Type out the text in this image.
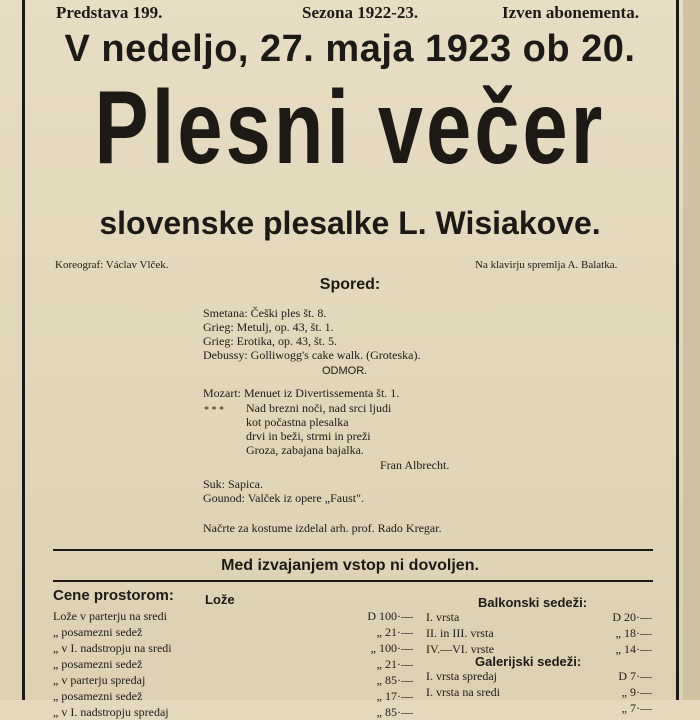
Predstava 199.	Sezona 1922-23.	Izven abonementa.
V nedeljo, 27. maja 1923 ob 20.
Plesni večer
slovenske plesalke L. Wisiakove.
Koreograf: Václav Vlček.	Na klavirju spremlja A. Balatka.
Spored:
Smetana: Češki ples št. 8.
Grieg: Metulj, op. 43, št. 1.
Grieg: Erotika, op. 43, št. 5.
Debussy: Golliwogg's cake walk. (Groteska).
ODMOR.
Mozart: Menuet iz Divertissementa št. 1.
* * * Nad brezni noči, nad srci ljudi
kot počastna plesalka
drvi in beži, strmi in preži
Groza, zabajana bajalka.
Fran Albrecht.
Suk: Sapica.
Gounod: Valček iz opere „Faust".
Načrte za kostume izdelal arh. prof. Rado Kregar.
Med izvajanjem vstop ni dovoljen.
Cene prostorom: Lože
Lože v parterju na sredi	D 100·—
„ posamezni sedež	„ 21·—
„ v I. nadstropju na sredi	„ 100·—
„ posamezni sedež	„ 21·—
„ v parterju spredaj	„ 85·—
„ posamezni sedež	„ 17·—
„ v I. nadstropju spredaj	„ 85·—
Balkonski sedeži:
I. vrsta	D 20·—
II. in III. vrsta	„ 18·—
IV.—VI. vrste	„ 14·—
Galerijski sedeži:
I. vrsta spredaj	D 7·—
I. vrsta na sredi	„ 9·—
„ 7·—
